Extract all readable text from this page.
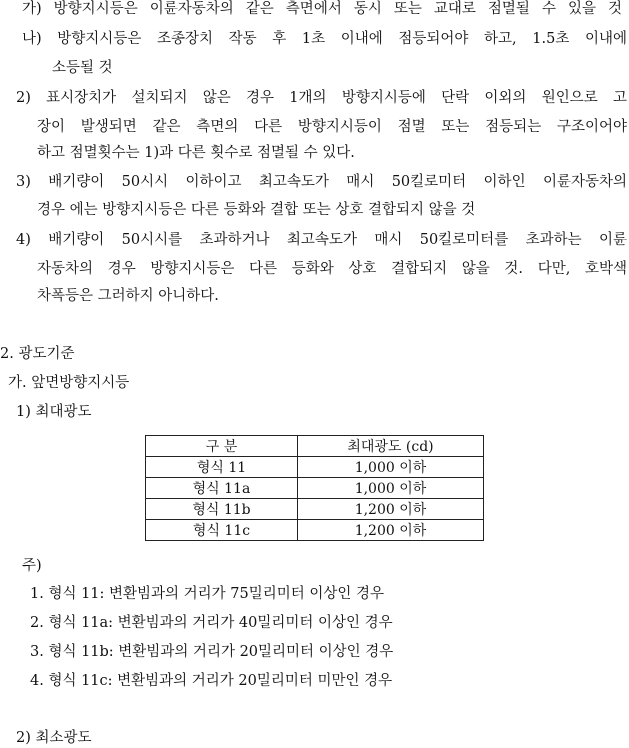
가) 방향지시등은 이륜자동차의 같은 측면에서 동시 또는 교대로 점멸될 수 있을 것
나) 방향지시등은 조종장치 작동 후 1초 이내에 점등되어야 하고, 1.5초 이내에
소등될 것
2) 표시장치가 설치되지 않은 경우 1개의 방향지시등에 단락 이외의 원인으로 고
장이 발생되면 같은 측면의 다른 방향지시등이 점멸 또는 점등되는 구조이어야
하고 점멸횟수는 1)과 다른 횟수로 점멸될 수 있다.
3) 배기량이 50시시 이하이고 최고속도가 매시 50킬로미터 이하인 이륜자동차의
경우 에는 방향지시등은 다른 등화와 결합 또는 상호 결합되지 않을 것
4) 배기량이 50시시를 초과하거나 최고속도가 매시 50킬로미터를 초과하는 이륜
자동차의 경우 방향지시등은 다른 등화와 상호 결합되지 않을 것. 다만, 호박색
차폭등은 그러하지 아니하다.
2. 광도기준
가. 앞면방향지시등
1) 최대광도
구 분	최대광도 (cd)
형식 11	1,000 이하
형식 11a	1,000 이하
형식 11b	1,200 이하
형식 11c	1,200 이하
주)
1. 형식 11: 변환빔과의 거리가 75밀리미터 이상인 경우
2. 형식 11a: 변환빔과의 거리가 40밀리미터 이상인 경우
3. 형식 11b: 변환빔과의 거리가 20밀리미터 이상인 경우
4. 형식 11c: 변환빔과의 거리가 20밀리미터 미만인 경우
2) 최소광도
